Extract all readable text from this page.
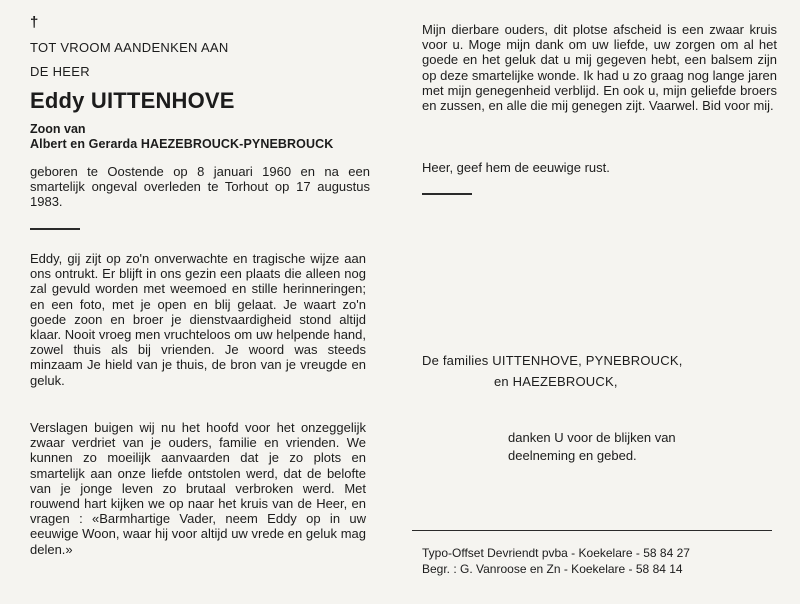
†
TOT VROOM AANDENKEN AAN
DE HEER
Eddy UITTENHOVE
Zoon van
Albert en Gerarda HAEZEBROUCK-PYNEBROUCK

geboren te Oostende op 8 januari 1960 en na een smartelijk ongeval overleden te Torhout op 17 augustus 1983.

Eddy, gij zijt op zo'n onverwachte en tragische wijze aan ons ontrukt. Er blijft in ons gezin een plaats die alleen nog zal gevuld worden met weemoed en stille herinneringen; en een foto, met je open en blij gelaat. Je waart zo'n goede zoon en broer je dienstvaardigheid stond altijd klaar. Nooit vroeg men vruchteloos om uw helpende hand, zowel thuis als bij vrienden. Je woord was steeds minzaam Je hield van je thuis, de bron van je vreugde en geluk.

Verslagen buigen wij nu het hoofd voor het onzeggelijk zwaar verdriet van je ouders, familie en vrienden. We kunnen zo moeilijk aanvaarden dat je zo plots en smartelijk aan onze liefde ontstolen werd, dat de belofte van je jonge leven zo brutaal verbroken werd. Met rouwend hart kijken we op naar het kruis van de Heer, en vragen : «Barmhartige Vader, neem Eddy op in uw eeuwige Woon, waar hij voor altijd uw vrede en geluk mag delen.»

Mijn dierbare ouders, dit plotse afscheid is een zwaar kruis voor u. Moge mijn dank om uw liefde, uw zorgen om al het goede en het geluk dat u mij gegeven hebt, een balsem zijn op deze smartelijke wonde. Ik had u zo graag nog lange jaren met mijn genegenheid verblijd. En ook u, mijn geliefde broers en zussen, en alle die mij genegen zijt. Vaarwel. Bid voor mij.

Heer, geef hem de eeuwige rust.
De families UITTENHOVE, PYNEBROUCK,
en HAEZEBROUCK,
danken U voor de blijken van
deelneming en gebed.
Typo-Offset Devriendt pvba - Koekelare - 58 84 27
Begr. : G. Vanroose en Zn - Koekelare - 58 84 14
